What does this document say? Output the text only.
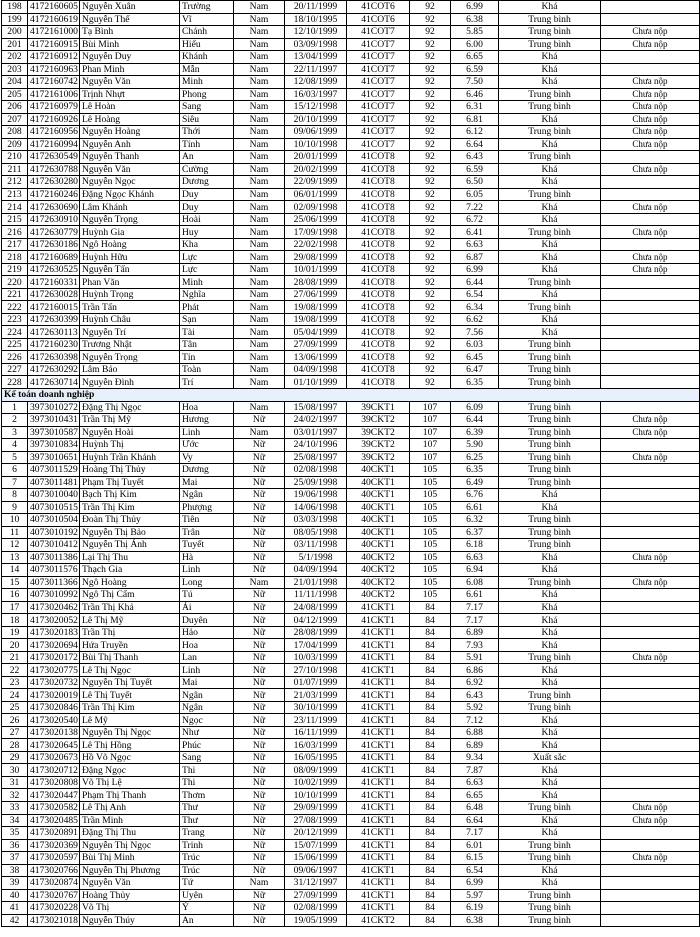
198	4172160605	Nguyễn Xuân	Trường	Nam	20/11/1999	41COT6	92	6.99	Khá	
199	4172160619	Nguyễn Thế	Vĩ	Nam	18/10/1995	41COT6	92	6.38	Trung bình	
200	4172161000	Tạ Bình	Chánh	Nam	12/10/1999	41COT7	92	5.85	Trung bình	Chưa nộp
201	4172160915	Bùi Minh	Hiếu	Nam	03/09/1998	41COT7	92	6.00	Trung bình	Chưa nộp
202	4172160912	Nguyễn Duy	Khánh	Nam	13/04/1999	41COT7	92	6.65	Khá	
203	4172160963	Phan Minh	Mẫn	Nam	22/11/1997	41COT7	92	6.59	Khá	
204	4172160742	Nguyễn Văn	Minh	Nam	12/08/1999	41COT7	92	7.50	Khá	Chưa nộp
205	4172161006	Trịnh Nhựt	Phong	Nam	16/03/1997	41COT7	92	6.46	Trung bình	Chưa nộp
206	4172160979	Lê Hoàn	Sang	Nam	15/12/1998	41COT7	92	6.31	Trung bình	Chưa nộp
207	4172160926	Lê Hoàng	Siêu	Nam	20/10/1999	41COT7	92	6.81	Khá	Chưa nộp
208	4172160956	Nguyễn Hoàng	Thới	Nam	09/06/1999	41COT7	92	6.12	Trung bình	Chưa nộp
209	4172160994	Nguyễn Anh	Tính	Nam	10/10/1998	41COT7	92	6.64	Khá	Chưa nộp
210	4172630549	Nguyễn Thanh	An	Nam	20/01/1999	41COT8	92	6.43	Trung bình	
211	4172630788	Nguyễn Văn	Cường	Nam	20/02/1999	41COT8	92	6.59	Khá	Chưa nộp
212	4172630280	Nguyễn Ngọc	Dương	Nam	22/09/1999	41COT8	92	6.50	Khá	
213	4172160246	Đặng Ngọc Khánh	Duy	Nam	06/01/1999	41COT8	92	6.05	Trung bình	
214	4172630690	Lâm Khánh	Duy	Nam	02/09/1998	41COT8	92	7.22	Khá	Chưa nộp
215	4172630910	Nguyễn Trọng	Hoài	Nam	25/06/1999	41COT8	92	6.72	Khá	
216	4172630779	Huỳnh Gia	Huy	Nam	17/09/1998	41COT8	92	6.41	Trung bình	Chưa nộp
217	4172630186	Ngô Hoàng	Kha	Nam	22/02/1998	41COT8	92	6.63	Khá	
218	4172160689	Huỳnh Hữu	Lực	Nam	29/08/1999	41COT8	92	6.87	Khá	Chưa nộp
219	4172630525	Nguyễn Tấn	Lực	Nam	10/01/1999	41COT8	92	6.99	Khá	Chưa nộp
220	4172160331	Phan Văn	Minh	Nam	28/08/1999	41COT8	92	6.44	Trung bình	
221	4172630028	Huỳnh Trọng	Nghĩa	Nam	27/06/1999	41COT8	92	6.54	Khá	
222	4172160015	Trần Tấn	Phát	Nam	19/08/1999	41COT8	92	6.34	Trung bình	
223	4172630399	Huỳnh Châu	Sạn	Nam	19/08/1999	41COT8	92	6.62	Khá	
224	4172630113	Nguyễn Trí	Tài	Nam	05/04/1999	41COT8	92	7.56	Khá	
225	4172160230	Trương Nhật	Tân	Nam	27/09/1999	41COT8	92	6.03	Trung bình	
226	4172630398	Nguyễn Trọng	Tín	Nam	13/06/1999	41COT8	92	6.45	Trung bình	
227	4172630292	Lâm Bảo	Toàn	Nam	04/09/1998	41COT8	92	6.47	Trung bình	
228	4172630714	Nguyễn Đình	Trí	Nam	01/10/1999	41COT8	92	6.35	Trung bình	
Kế toán doanh nghiệp										
1	3973010272	Đặng Thị Ngọc	Hoa	Nam	15/08/1997	39CKT1	107	6.09	Trung bình	
2	3973010431	Trần Thị Mỹ	Hương	Nữ	24/02/1997	39CKT2	107	6.44	Trung bình	Chưa nộp
3	3973010587	Nguyễn Hoài	Linh	Nam	03/01/1997	39CKT2	107	6.39	Trung bình	Chưa nộp
4	3973010834	Huỳnh Thị	Ước	Nữ	24/10/1996	39CKT2	107	5.90	Trung bình	
5	3973010651	Huỳnh Trần Khánh	Vy	Nữ	25/08/1997	39CKT2	107	6.25	Trung bình	Chưa nộp
6	4073011529	Hoàng Thị Thủy	Dương	Nữ	02/08/1998	40CKT1	105	6.35	Trung bình	
7	4073011481	Phạm Thị Tuyết	Mai	Nữ	25/09/1998	40CKT1	105	6.49	Trung bình	
8	4073010040	Bạch Thị Kim	Ngân	Nữ	19/06/1998	40CKT1	105	6.76	Khá	
9	4073010515	Trần Thị Kim	Phượng	Nữ	14/06/1998	40CKT1	105	6.61	Khá	
10	4073010504	Đoàn Thị Thủy	Tiên	Nữ	03/03/1998	40CKT1	105	6.32	Trung bình	
11	4073010192	Nguyễn Thị Bảo	Trân	Nữ	08/05/1998	40CKT1	105	6.37	Trung bình	
12	4073010412	Nguyễn Thị Ánh	Tuyết	Nữ	03/11/1998	40CKT1	105	6.18	Trung bình	
13	4073011386	Lại Thị Thu	Hà	Nữ	5/1/1998	40CKT2	105	6.63	Khá	Chưa nộp
14	4073011576	Thạch Gia	Linh	Nữ	04/09/1994	40CKT2	105	6.94	Khá	
15	4073011366	Ngô Hoàng	Long	Nam	21/01/1998	40CKT2	105	6.08	Trung bình	Chưa nộp
16	4073010992	Ngô Thị Cẩm	Tú	Nữ	11/11/1998	40CKT2	105	6.61	Khá	
17	4173020462	Trần Thị Khả	Ái	Nữ	24/08/1999	41CKT1	84	7.17	Khá	
18	4173020052	Lê Thị Mỹ	Duyên	Nữ	04/12/1999	41CKT1	84	7.17	Khá	
19	4173020183	Trần Thị	Hảo	Nữ	28/08/1999	41CKT1	84	6.89	Khá	
20	4173020694	Hứa Truyền	Hoa	Nữ	17/04/1999	41CKT1	84	7.93	Khá	
21	4173020172	Bùi Thị Thanh	Lan	Nữ	10/03/1999	41CKT1	84	5.91	Trung bình	Chưa nộp
22	4173020775	Lê Thị Ngọc	Linh	Nữ	27/10/1998	41CKT1	84	6.86	Khá	
23	4173020732	Nguyễn Thị Tuyết	Mai	Nữ	01/07/1999	41CKT1	84	6.92	Khá	
24	4173020019	Lê Thị Tuyết	Ngân	Nữ	21/03/1999	41CKT1	84	6.43	Trung bình	
25	4173020846	Trần Thị Kim	Ngân	Nữ	30/10/1999	41CKT1	84	5.92	Trung bình	
26	4173020540	Lê Mỹ	Ngọc	Nữ	23/11/1999	41CKT1	84	7.12	Khá	
27	4173020138	Nguyễn Thị Ngọc	Như	Nữ	16/11/1999	41CKT1	84	6.88	Khá	
28	4173020645	Lê Thị Hồng	Phúc	Nữ	16/03/1999	41CKT1	84	6.89	Khá	
29	4173020673	Hồ Võ Ngọc	Sang	Nữ	16/05/1995	41CKT1	84	9.34	Xuất sắc	
30	4173020712	Đặng Ngọc	Thi	Nữ	08/09/1999	41CKT1	84	7.87	Khá	
31	4173020808	Võ Thị Lệ	Thi	Nữ	10/02/1999	41CKT1	84	6.63	Khá	
32	4173020447	Phạm Thị Thanh	Thơm	Nữ	10/10/1999	41CKT1	84	6.65	Khá	
33	4173020582	Lê Thị Anh	Thư	Nữ	29/09/1999	41CKT1	84	6.48	Trung bình	Chưa nộp
34	4173020485	Trần Minh	Thư	Nữ	27/08/1999	41CKT1	84	6.64	Khá	Chưa nộp
35	4173020891	Đặng Thị Thu	Trang	Nữ	20/12/1999	41CKT1	84	7.17	Khá	
36	4173020369	Nguyễn Thị Ngọc	Trinh	Nữ	15/07/1999	41CKT1	84	6.01	Trung bình	
37	4173020597	Bùi Thị Minh	Trúc	Nữ	15/06/1999	41CKT1	84	6.15	Trung bình	Chưa nộp
38	4173020766	Nguyễn Thị Phương	Trúc	Nữ	09/06/1997	41CKT1	84	6.54	Khá	
39	4173020874	Nguyễn Văn	Tứ	Nam	31/12/1997	41CKT1	84	6.99	Khá	
40	4173020767	Hoàng Thủy	Uyên	Nữ	27/09/1999	41CKT1	84	5.97	Trung bình	
41	4173020228	Võ Thị	Ý	Nữ	02/08/1999	41CKT1	84	6.19	Trung bình	
42	4173021018	Nguyễn Thúy	An	Nữ	19/05/1999	41CKT2	84	6.38	Trung bình	
